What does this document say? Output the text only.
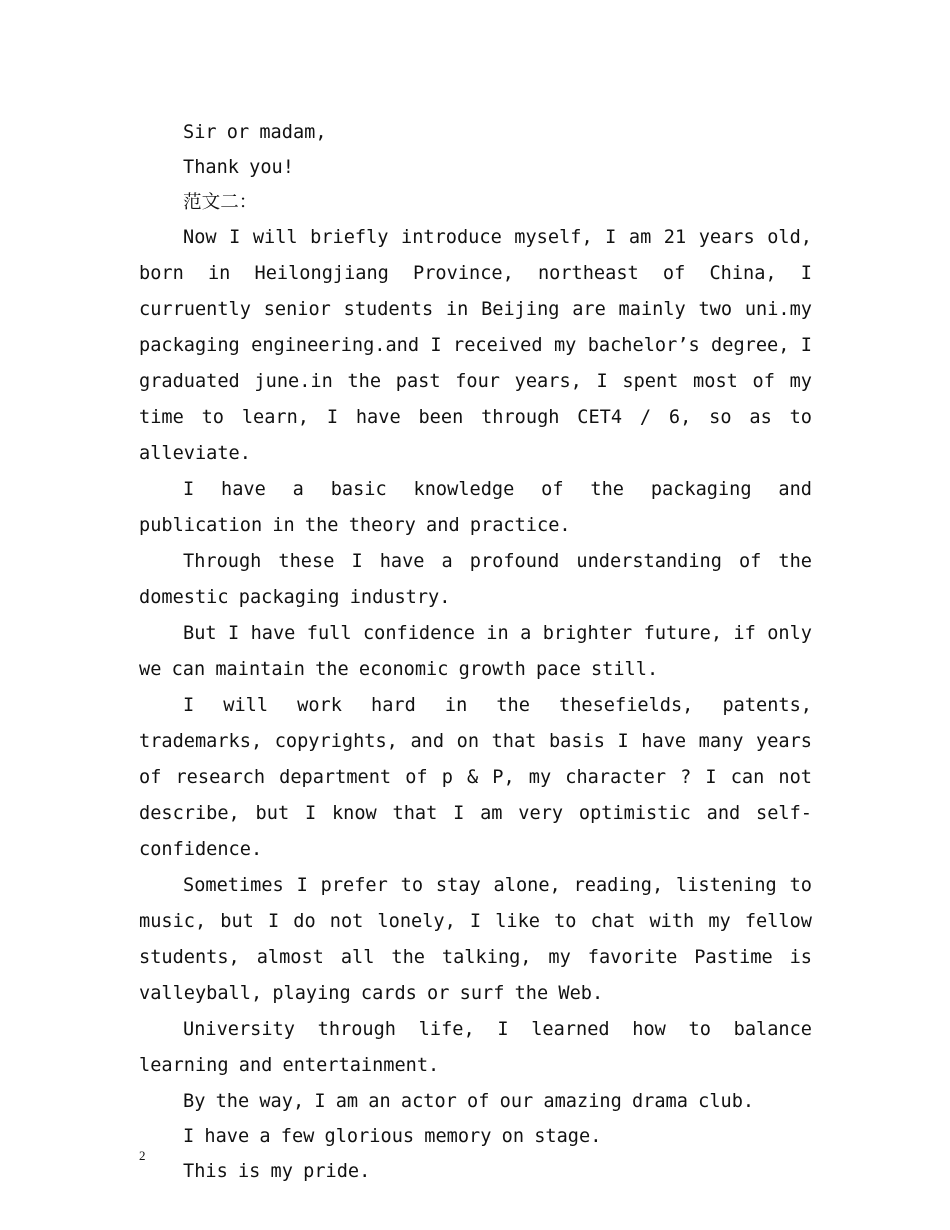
Sir or madam,

Thank you!

范文二：

Now I will briefly introduce myself, I am 21 years old, born in Heilongjiang Province, northeast of China, I curruently senior students in Beijing are mainly two uni.my packaging engineering.and I received my bachelor’s degree, I graduated june.in the past four years, I spent most of my time to learn, I have been through CET4 / 6, so as to alleviate.

I have a basic knowledge of the packaging and publication in the theory and practice.

Through these I have a profound understanding of the domestic packaging industry.

But I have full confidence in a brighter future, if only we can maintain the economic growth pace still.

I will work hard in the thesefields, patents, trademarks, copyrights, and on that basis I have many years of research department of p & P, my character ? I can not describe, but I know that I am very optimistic and self-confidence.

Sometimes I prefer to stay alone, reading, listening to music, but I do not lonely, I like to chat with my fellow students, almost all the talking, my favorite Pastime is valleyball, playing cards or surf the Web.

University through life, I learned how to balance learning and entertainment.

By the way, I am an actor of our amazing drama club.

I have a few glorious memory on stage.

This is my pride.

2
